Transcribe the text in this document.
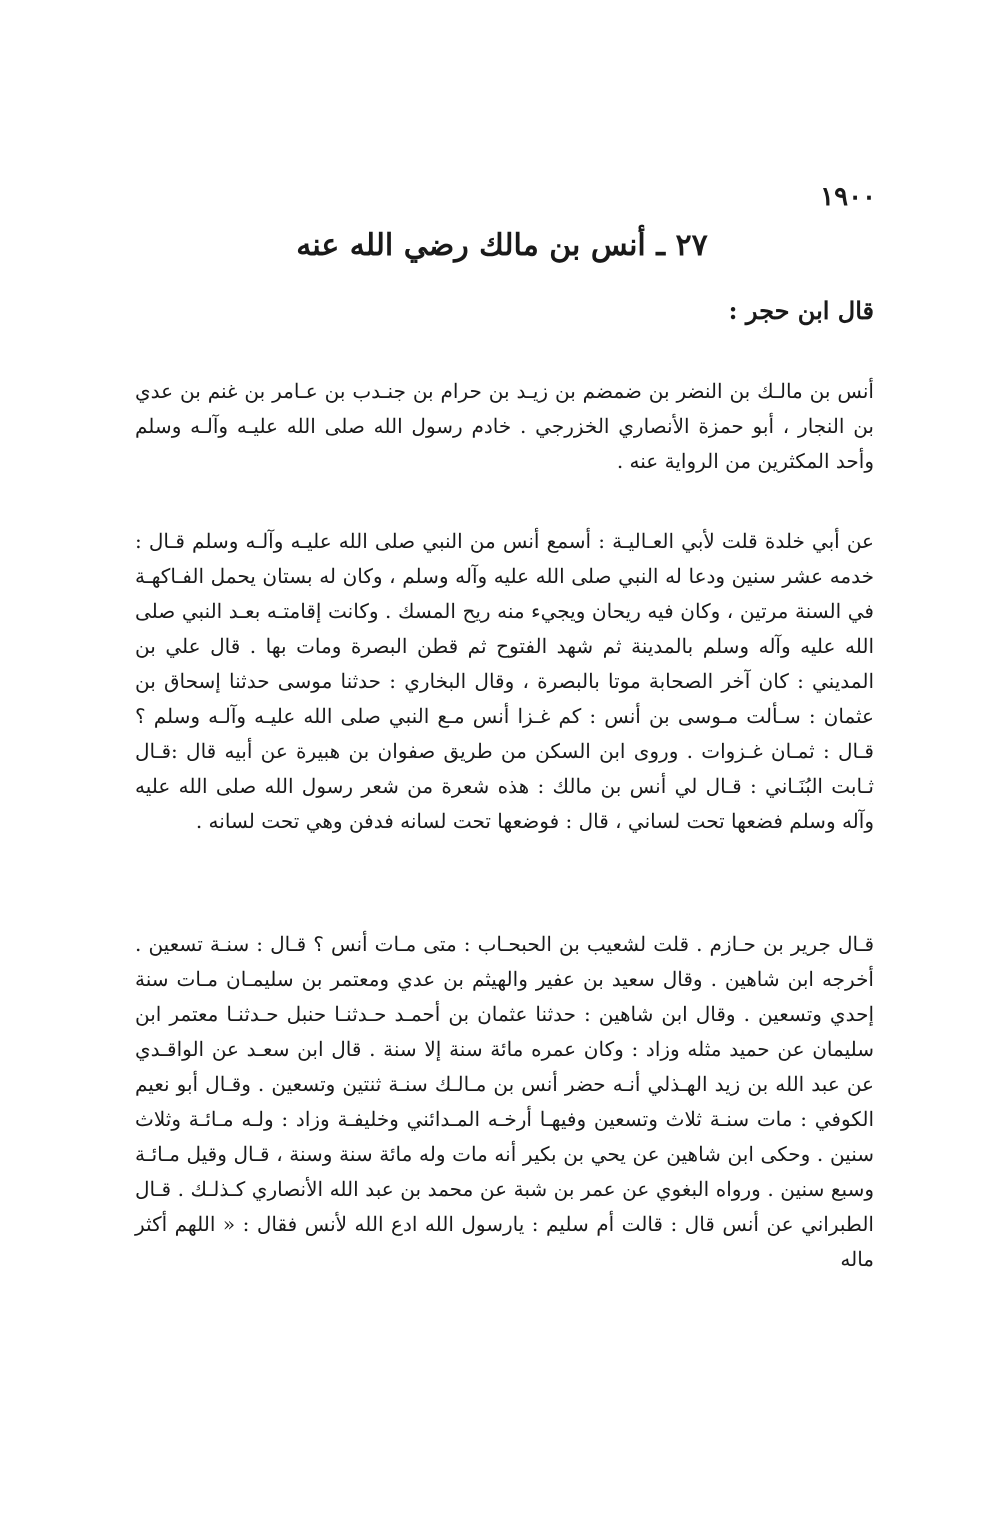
١٩٠٠
٢٧ ـ أنس بن مالك رضي الله عنه
قال ابن حجر :

أنس بن مالـك بن النضر بن ضمضم بن زيـد بن حرام بن جنـدب بن عـامر بن غنم بن عدي بن النجار ، أبو حمزة الأنصاري الخزرجي . خادم رسول الله صلى الله عليـه وآلـه وسلم وأحد المكثرين من الرواية عنه .

عن أبي خلدة قلت لأبي العـاليـة : أسمع أنس من النبي صلى الله عليـه وآلـه وسلم قـال : خدمه عشر سنين ودعا له النبي صلى الله عليه وآله وسلم ، وكان له بستان يحمل الفـاكهـة في السنة مرتين ، وكان فيه ريحان ويجيء منه ريح المسك . وكانت إقامتـه بعـد النبي صلى الله عليه وآله وسلم بالمدينة ثم شهد الفتوح ثم قطن البصرة ومات بها . قال علي بن المديني : كان آخر الصحابة موتا بالبصرة ، وقال البخاري : حدثنا موسى حدثنا إسحاق بن عثمان : سـألت مـوسى بن أنس : كم غـزا أنس مـع النبي صلى الله عليـه وآلـه وسلم ؟ قـال : ثمـان غـزوات . وروى ابن السكن من طريق صفوان بن هبيرة عن أبيه قال :قـال ثـابت البُنَـاني : قـال لي أنس بن مالك : هذه شعرة من شعر رسول الله صلى الله عليه وآله وسلم فضعها تحت لساني ، قال : فوضعها تحت لسانه فدفن وهي تحت لسانه .

قـال جرير بن حـازم . قلت لشعيب بن الحبحـاب : متى مـات أنس ؟ قـال : سنـة تسعين . أخرجه ابن شاهين . وقال سعيد بن عفير والهيثم بن عدي ومعتمر بن سليمـان مـات سنة إحدي وتسعين . وقال ابن شاهين : حدثنا عثمان بن أحمـد حـدثنـا حنبل حـدثنـا معتمر ابن سليمان عن حميد مثله وزاد : وكان عمره مائة سنة إلا سنة . قال ابن سعـد عن الواقـدي عن عبد الله بن زيد الهـذلي أنـه حضر أنس بن مـالـك سنـة ثنتين وتسعين . وقـال أبو نعيم الكوفي : مات سنـة ثلاث وتسعين وفيهـا أرخـه المـدائني وخليفـة وزاد : ولـه مـائـة وثلاث سنين . وحكى ابن شاهين عن يحي بن بكير أنه مات وله مائة سنة وسنة ، قـال وقيل مـائـة وسبع سنين . ورواه البغوي عن عمر بن شبة عن محمد بن عبد الله الأنصاري كـذلـك . قـال الطبراني عن أنس قال : قالت أم سليم : يارسول الله ادع الله لأنس فقال : « اللهم أكثر ماله
